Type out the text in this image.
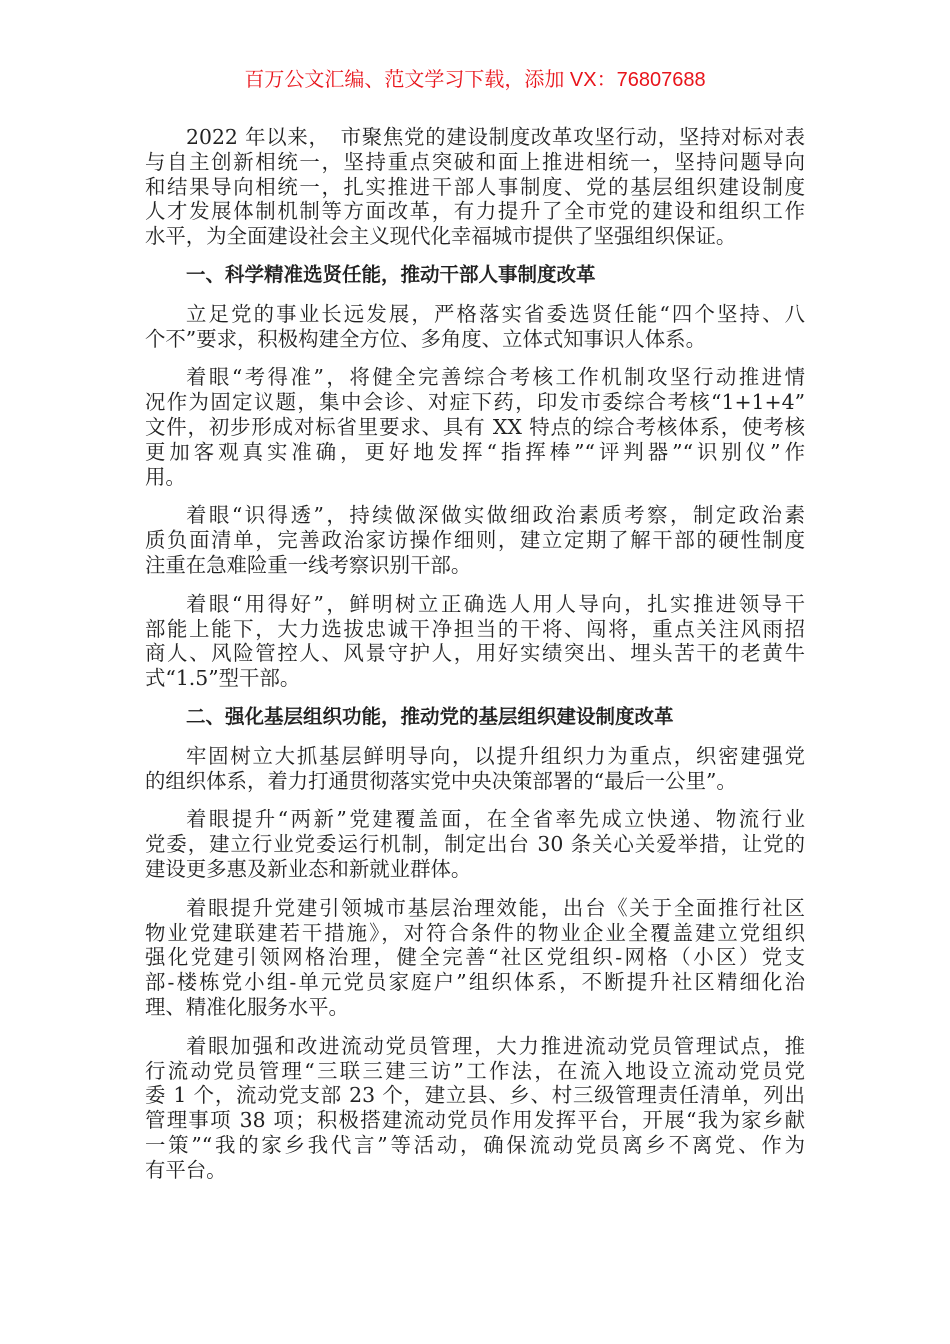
百万公文汇编、范文学习下载，添加 VX：76807688
2022 年以来，　市聚焦党的建设制度改革攻坚行动，坚持对标对表
与自主创新相统一，坚持重点突破和面上推进相统一，坚持问题导向
和结果导向相统一，扎实推进干部人事制度、党的基层组织建设制度
人才发展体制机制等方面改革，有力提升了全市党的建设和组织工作
水平，为全面建设社会主义现代化幸福城市提供了坚强组织保证。
一、科学精准选贤任能，推动干部人事制度改革
立足党的事业长远发展，严格落实省委选贤任能“四个坚持、八
个不”要求，积极构建全方位、多角度、立体式知事识人体系。
着眼“考得准”，将健全完善综合考核工作机制攻坚行动推进情
况作为固定议题，集中会诊、对症下药，印发市委综合考核“1+1+4”
文件，初步形成对标省里要求、具有 XX 特点的综合考核体系，使考核
更加客观真实准确，更好地发挥“指挥棒”“评判器”“识别仪”作
用。
着眼“识得透”，持续做深做实做细政治素质考察，制定政治素
质负面清单，完善政治家访操作细则，建立定期了解干部的硬性制度
注重在急难险重一线考察识别干部。
着眼“用得好”，鲜明树立正确选人用人导向，扎实推进领导干
部能上能下，大力选拔忠诚干净担当的干将、闯将，重点关注风雨招
商人、风险管控人、风景守护人，用好实绩突出、埋头苦干的老黄牛
式“1.5”型干部。
二、强化基层组织功能，推动党的基层组织建设制度改革
牢固树立大抓基层鲜明导向，以提升组织力为重点，织密建强党
的组织体系，着力打通贯彻落实党中央决策部署的“最后一公里”。
着眼提升“两新”党建覆盖面，在全省率先成立快递、物流行业
党委，建立行业党委运行机制，制定出台 30 条关心关爱举措，让党的
建设更多惠及新业态和新就业群体。
着眼提升党建引领城市基层治理效能，出台《关于全面推行社区
物业党建联建若干措施》，对符合条件的物业企业全覆盖建立党组织
强化党建引领网格治理，健全完善“社区党组织-网格（小区）党支
部-楼栋党小组-单元党员家庭户”组织体系，不断提升社区精细化治
理、精准化服务水平。
着眼加强和改进流动党员管理，大力推进流动党员管理试点，推
行流动党员管理“三联三建三访”工作法，在流入地设立流动党员党
委 1 个，流动党支部 23 个，建立县、乡、村三级管理责任清单，列出
管理事项 38 项；积极搭建流动党员作用发挥平台，开展“我为家乡献
一策”“我的家乡我代言”等活动，确保流动党员离乡不离党、作为
有平台。
